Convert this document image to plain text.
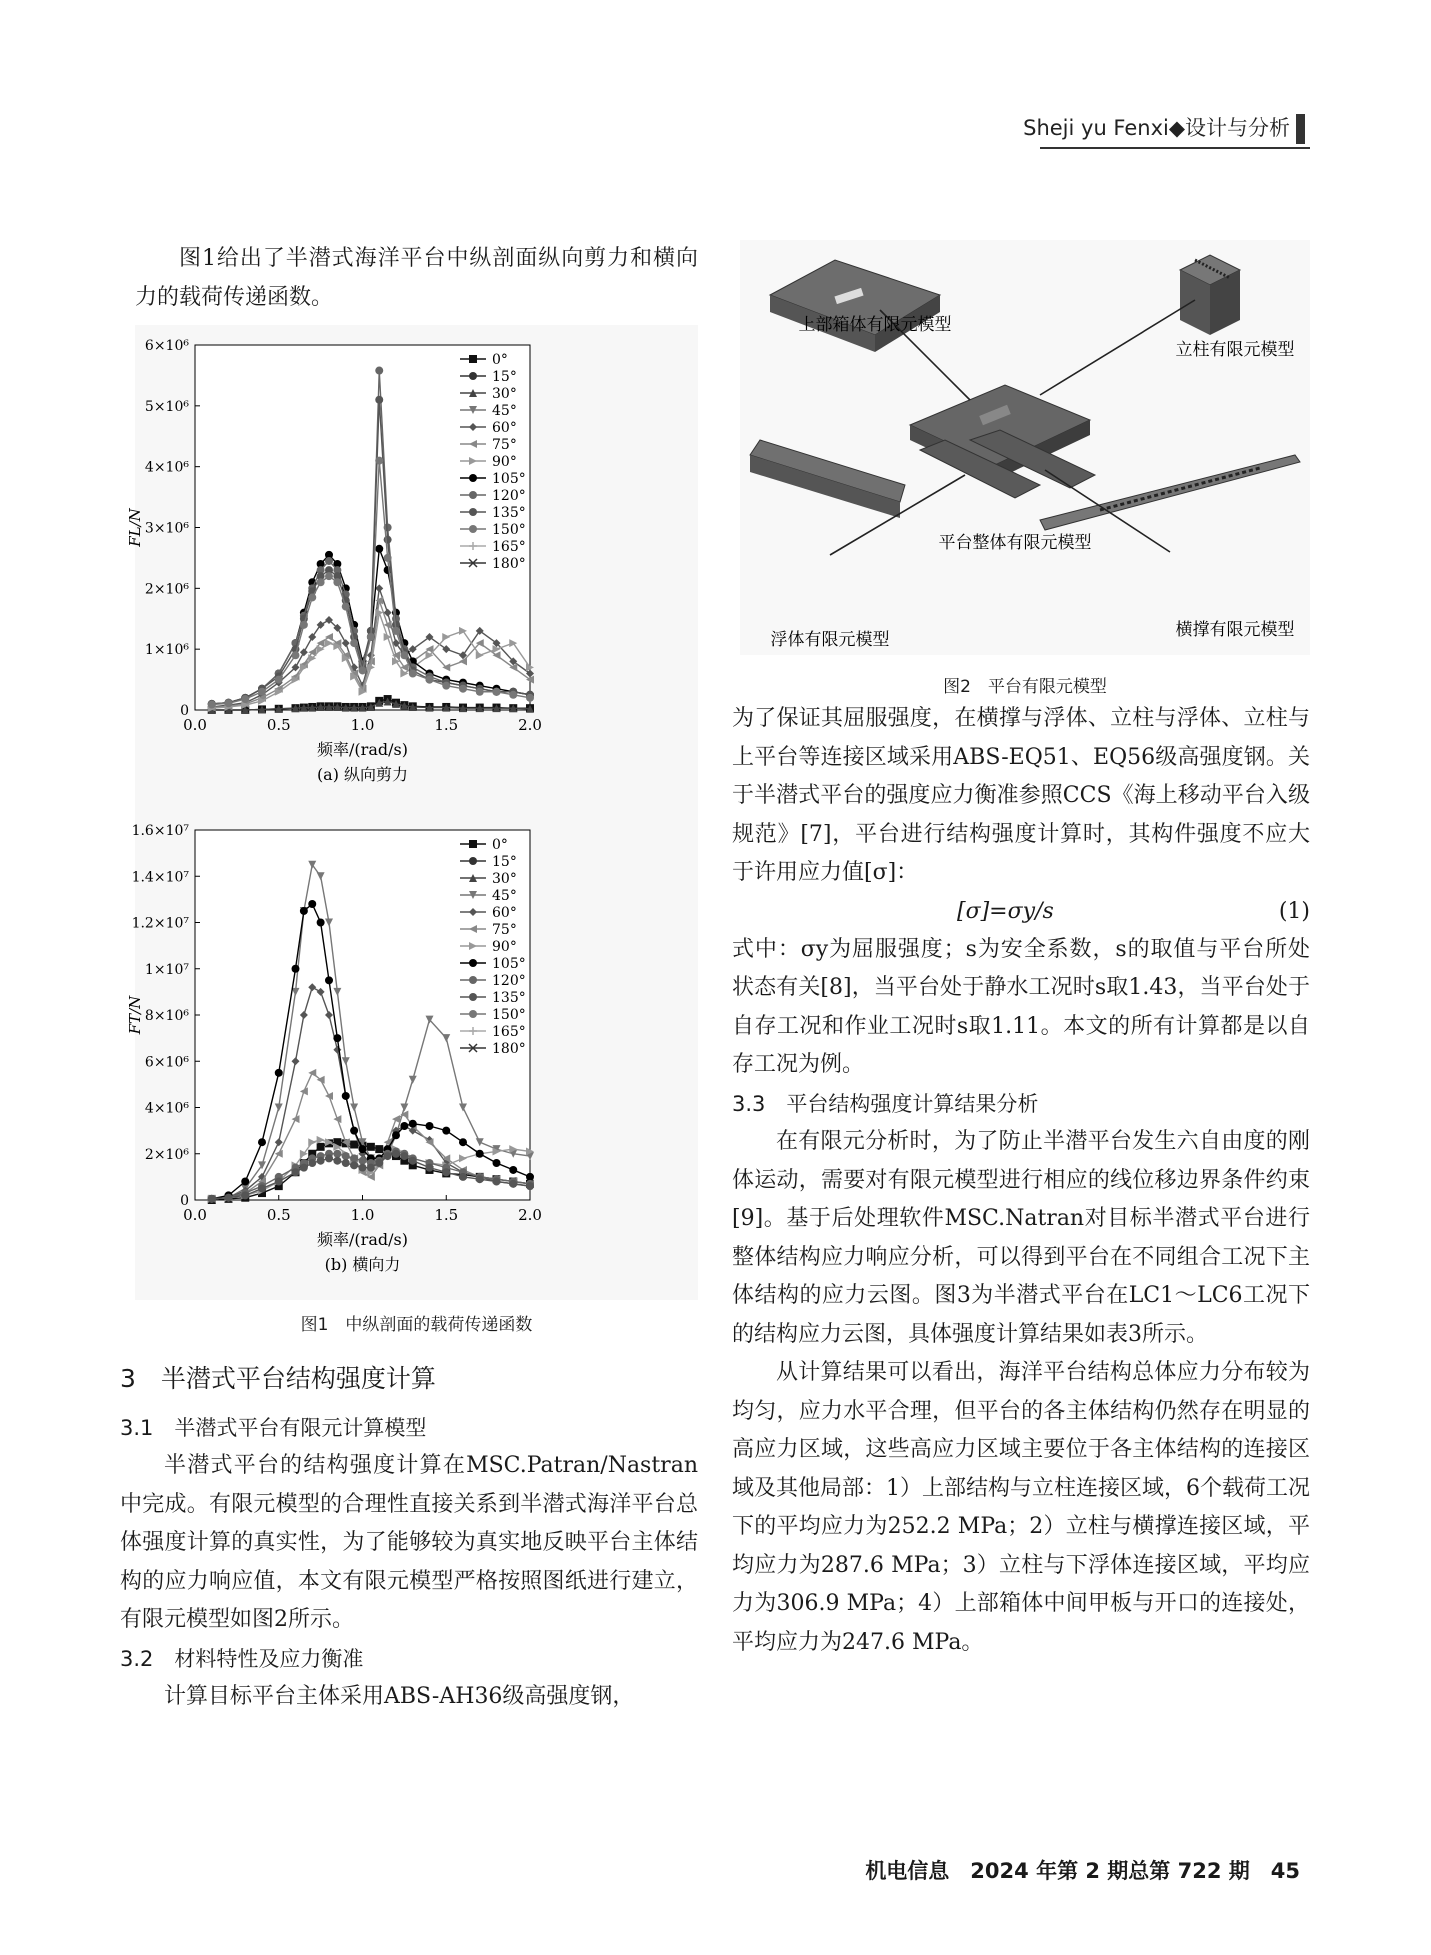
Sheji yu Fenxi◆设计与分析

图1给出了半潜式海洋平台中纵剖面纵向剪力和横向力的载荷传递函数。

0
1×10⁶
2×10⁶
3×10⁶
4×10⁶
5×10⁶
6×10⁶
0.0	0.5	1.0	1.5	2.0
FL/N
频率/(rad/s)
(a) 纵向剪力
0°
15°
30°
45°
60°
75°
90°
105°
120°
135°
150°
165°
180°
0
2×10⁶
4×10⁶
6×10⁶
8×10⁶
1×10⁷
1.2×10⁷
1.4×10⁷
1.6×10⁷
0.0	0.5	1.0	1.5	2.0
FT/N
频率/(rad/s)
(b) 横向力
0°
15°
30°
45°
60°
75°
90°
105°
120°
135°
150°
165°
180°
图1　中纵剖面的载荷传递函数
3　半潜式平台结构强度计算
3.1　半潜式平台有限元计算模型

半潜式平台的结构强度计算在MSC.Patran/Nastran中完成。有限元模型的合理性直接关系到半潜式海洋平台总体强度计算的真实性，为了能够较为真实地反映平台主体结构的应力响应值，本文有限元模型严格按照图纸进行建立，有限元模型如图2所示。

3.2　材料特性及应力衡准

计算目标平台主体采用ABS-AH36级高强度钢，

上部箱体有限元模型
立柱有限元模型
平台整体有限元模型
浮体有限元模型	横撑有限元模型
图2　平台有限元模型

为了保证其屈服强度，在横撑与浮体、立柱与浮体、立柱与上平台等连接区域采用ABS-EQ51、EQ56级高强度钢。关于半潜式平台的强度应力衡准参照CCS《海上移动平台入级规范》[7]，平台进行结构强度计算时，其构件强度不应大于许用应力值[σ]：

[σ]=σy/s	(1)

式中：σy为屈服强度；s为安全系数，s的取值与平台所处状态有关[8]，当平台处于静水工况时s取1.43，当平台处于自存工况和作业工况时s取1.11。本文的所有计算都是以自存工况为例。

3.3　平台结构强度计算结果分析

在有限元分析时，为了防止半潜平台发生六自由度的刚体运动，需要对有限元模型进行相应的线位移边界条件约束[9]。基于后处理软件MSC.Natran对目标半潜式平台进行整体结构应力响应分析，可以得到平台在不同组合工况下主体结构的应力云图。图3为半潜式平台在LC1～LC6工况下的结构应力云图，具体强度计算结果如表3所示。

从计算结果可以看出，海洋平台结构总体应力分布较为均匀，应力水平合理，但平台的各主体结构仍然存在明显的高应力区域，这些高应力区域主要位于各主体结构的连接区域及其他局部：1）上部结构与立柱连接区域，6个载荷工况下的平均应力为252.2 MPa；2）立柱与横撑连接区域，平均应力为287.6 MPa；3）立柱与下浮体连接区域，平均应力为306.9 MPa；4）上部箱体中间甲板与开口的连接处，平均应力为247.6 MPa。

机电信息　2024 年第 2 期总第 722 期　45
